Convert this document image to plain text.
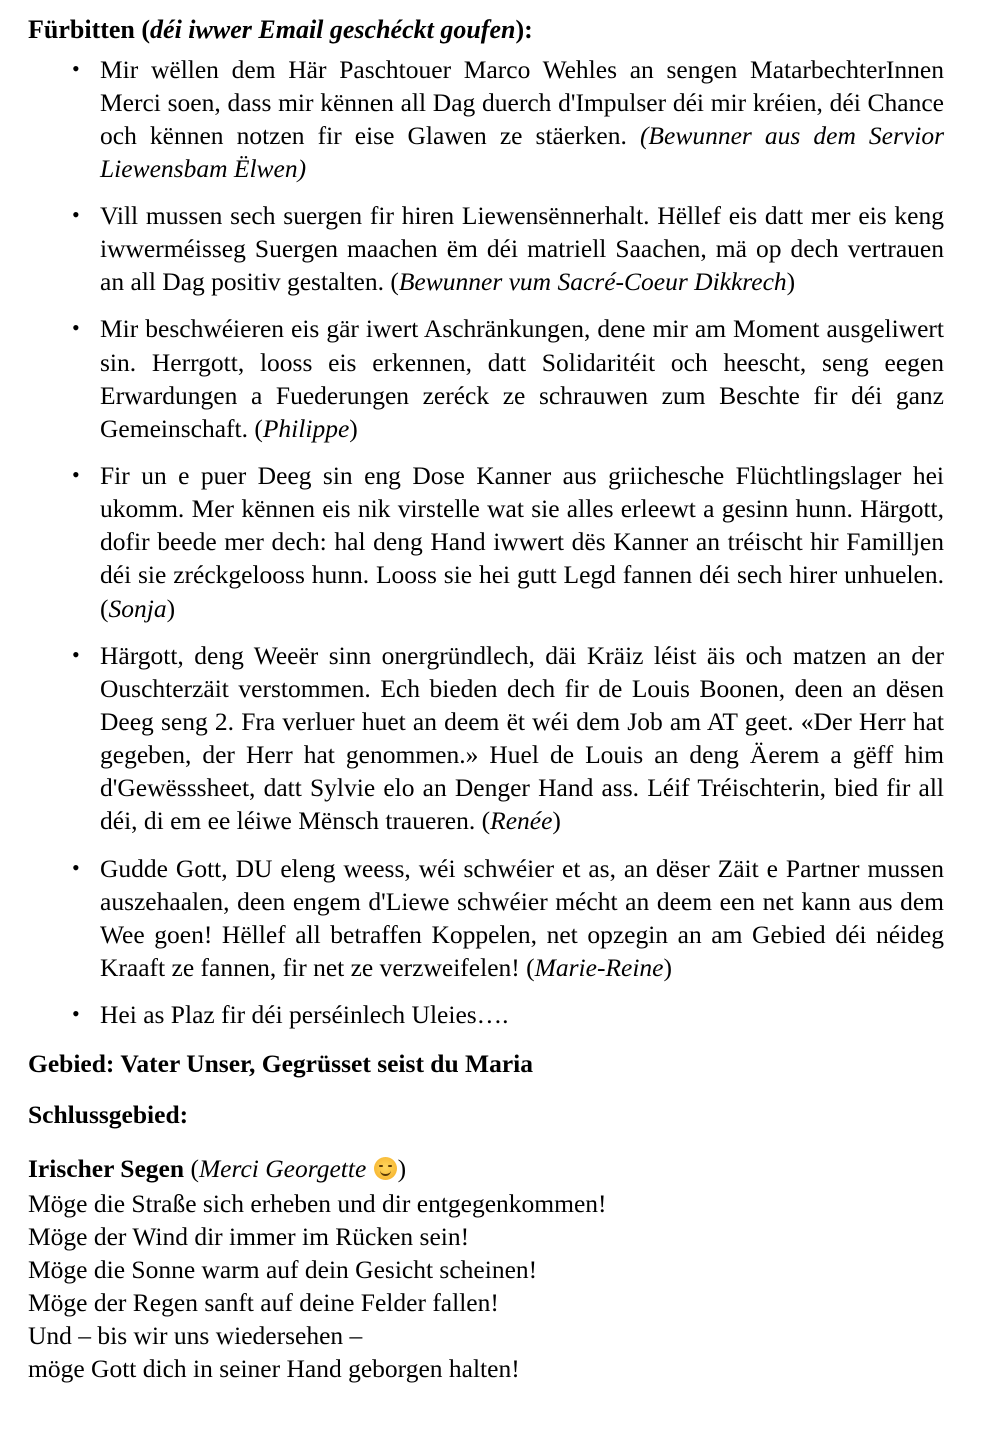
Fürbitten (déi iwwer Email geschéckt goufen):

• Mir wëllen dem Här Paschtouer Marco Wehles an sengen MatarbechterInnen Merci soen, dass mir kënnen all Dag duerch d'Impulser déi mir kréien, déi Chance och kënnen notzen fir eise Glawen ze stäerken. (Bewunner aus dem Servior Liewensbam Ëlwen)
• Vill mussen sech suergen fir hiren Liewensënnerhalt. Hëllef eis datt mer eis keng iwwerméisseg Suergen maachen ëm déi matriell Saachen, mä op dech vertrauen an all Dag positiv gestalten. (Bewunner vum Sacré-Coeur Dikkrech)
• Mir beschwéieren eis gär iwert Aschränkungen, dene mir am Moment ausgeliwert sin. Herrgott, looss eis erkennen, datt Solidaritéit och heescht, seng eegen Erwardungen a Fuederungen zeréck ze schrauwen zum Beschte fir déi ganz Gemeinschaft. (Philippe)
• Fir un e puer Deeg sin eng Dose Kanner aus griichesche Flüchtlingslager hei ukomm. Mer kënnen eis nik virstelle wat sie alles erleewt a gesinn hunn. Härgott, dofir beede mer dech: hal deng Hand iwwert dës Kanner an tréischt hir Familljen déi sie zréckgelooss hunn. Looss sie hei gutt Legd fannen déi sech hirer unhuelen. (Sonja)
• Härgott, deng Weeër sinn onergründlech, däi Kräiz léist äis och matzen an der Ouschterzäit verstommen. Ech bieden dech fir de Louis Boonen, deen an dësen Deeg seng 2. Fra verluer huet an deem ët wéi dem Job am AT geet. «Der Herr hat gegeben, der Herr hat genommen.» Huel de Louis an deng Äerem a gëff him d'Gewësssheet, datt Sylvie elo an Denger Hand ass. Léif Tréischterin, bied fir all déi, di em ee léiwe Mënsch traueren. (Renée)
• Gudde Gott, DU eleng weess, wéi schwéier et as, an dëser Zäit e Partner mussen auszehaalen, deen engem d'Liewe schwéier mécht an deem een net kann aus dem Wee goen! Hëllef all betraffen Koppelen, net opzegin an am Gebied déi néideg Kraaft ze fannen, fir net ze verzweifelen! (Marie-Reine)
• Hei as Plaz fir déi perséinlech Uleies….

Gebied: Vater Unser, Gegrüsset seist du Maria

Schlussgebied:

Irischer Segen (Merci Georgette )

Möge die Straße sich erheben und dir entgegenkommen!
Möge der Wind dir immer im Rücken sein!
Möge die Sonne warm auf dein Gesicht scheinen!
Möge der Regen sanft auf deine Felder fallen!
Und – bis wir uns wiedersehen –
möge Gott dich in seiner Hand geborgen halten!
